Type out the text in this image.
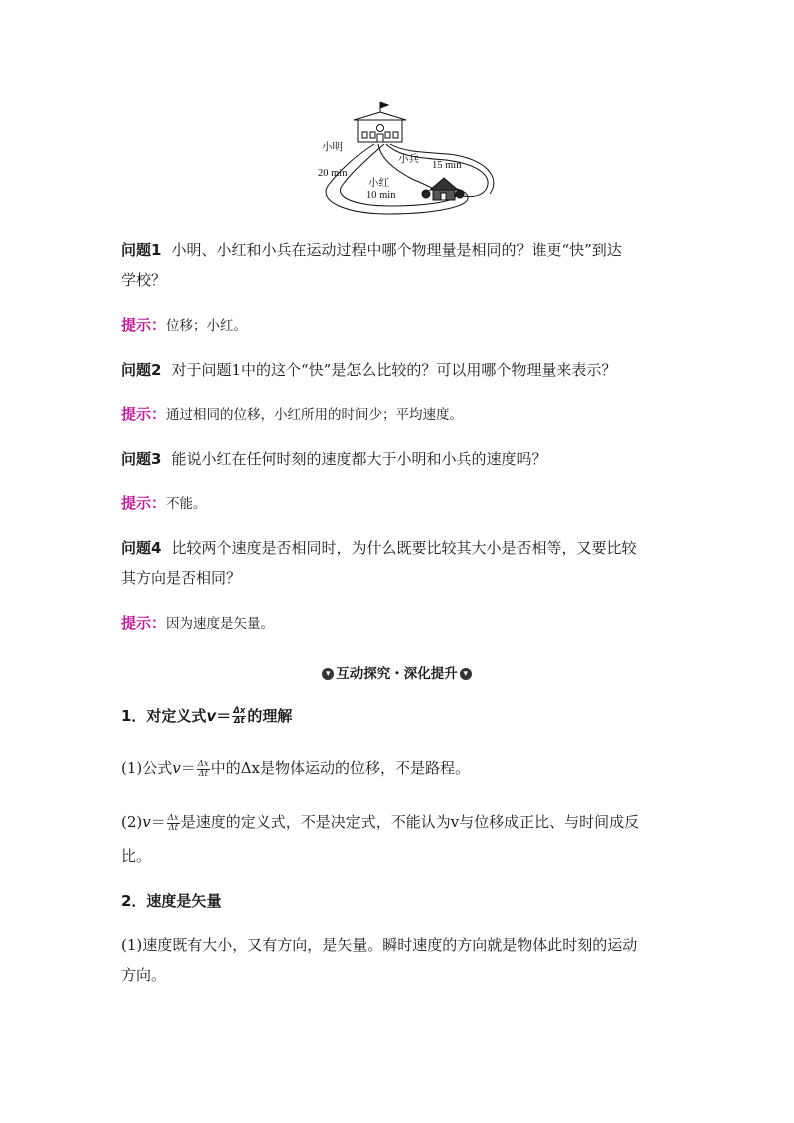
小明
20 min
小兵
15 min
小红
10 min
问题1 小明、小红和小兵在运动过程中哪个物理量是相同的？谁更“快”到达
学校？
提示：位移；小红。
问题2 对于问题1中的这个“快”是怎么比较的？可以用哪个物理量来表示？
提示：通过相同的位移，小红所用的时间少；平均速度。
问题3 能说小红在任何时刻的速度都大于小明和小兵的速度吗？
提示：不能。
问题4 比较两个速度是否相同时，为什么既要比较其大小是否相等，又要比较
其方向是否相同？
提示：因为速度是矢量。
▾ 互动探究・深化提升 ▾
1．对定义式$v= \frac{\Delta x}{\Delta t}$ 的理解
(1)公式$v= \frac{\Delta x}{\Delta t}$ 中的Δx是物体运动的位移，不是路程。
$(2)v= \frac{\Delta x}{\Delta t}$ 是速度的定义式，不是决定式，不能认为v与位移成正比、与时间成反
比。
2．速度是矢量
(1)速度既有大小，又有方向，是矢量。瞬时速度的方向就是物体此时刻的运动
方向。
